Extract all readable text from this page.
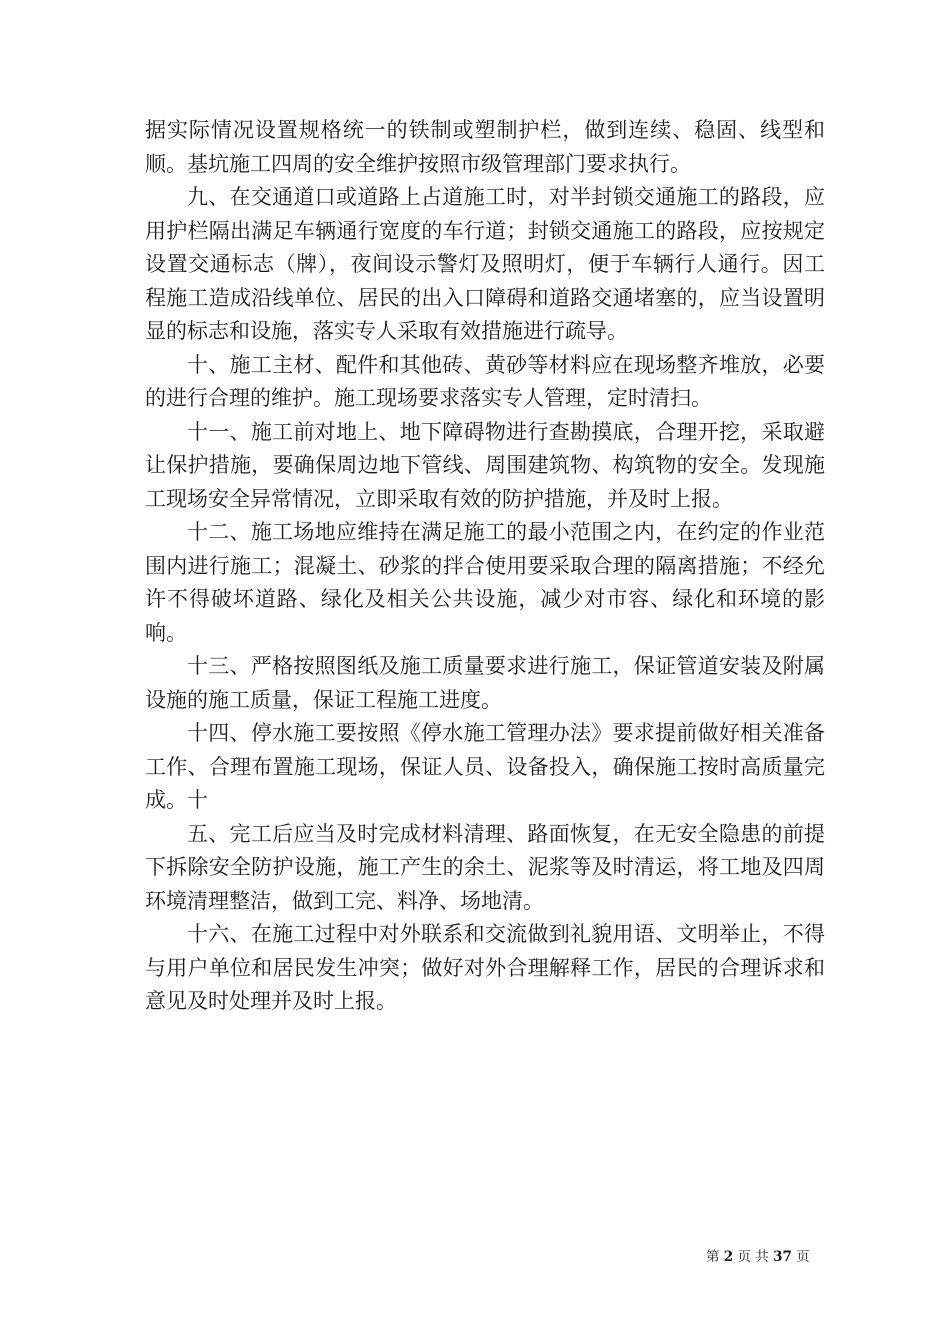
据实际情况设置规格统一的铁制或塑制护栏，做到连续、稳固、线型和顺。基坑施工四周的安全维护按照市级管理部门要求执行。

九、在交通道口或道路上占道施工时，对半封锁交通施工的路段，应用护栏隔出满足车辆通行宽度的车行道；封锁交通施工的路段，应按规定设置交通标志（牌），夜间设示警灯及照明灯，便于车辆行人通行。因工程施工造成沿线单位、居民的出入口障碍和道路交通堵塞的，应当设置明显的标志和设施，落实专人采取有效措施进行疏导。

十、施工主材、配件和其他砖、黄砂等材料应在现场整齐堆放，必要的进行合理的维护。施工现场要求落实专人管理，定时清扫。

十一、施工前对地上、地下障碍物进行查勘摸底，合理开挖，采取避让保护措施，要确保周边地下管线、周围建筑物、构筑物的安全。发现施工现场安全异常情况，立即采取有效的防护措施，并及时上报。

十二、施工场地应维持在满足施工的最小范围之内，在约定的作业范围内进行施工；混凝土、砂浆的拌合使用要采取合理的隔离措施；不经允许不得破坏道路、绿化及相关公共设施，减少对市容、绿化和环境的影响。

十三、严格按照图纸及施工质量要求进行施工，保证管道安装及附属设施的施工质量，保证工程施工进度。

十四、停水施工要按照《停水施工管理办法》要求提前做好相关准备工作、合理布置施工现场，保证人员、设备投入，确保施工按时高质量完成。十

五、完工后应当及时完成材料清理、路面恢复，在无安全隐患的前提下拆除安全防护设施，施工产生的余土、泥浆等及时清运，将工地及四周环境清理整洁，做到工完、料净、场地清。

十六、在施工过程中对外联系和交流做到礼貌用语、文明举止，不得与用户单位和居民发生冲突；做好对外合理解释工作，居民的合理诉求和意见及时处理并及时上报。

第 2 页 共 37 页
